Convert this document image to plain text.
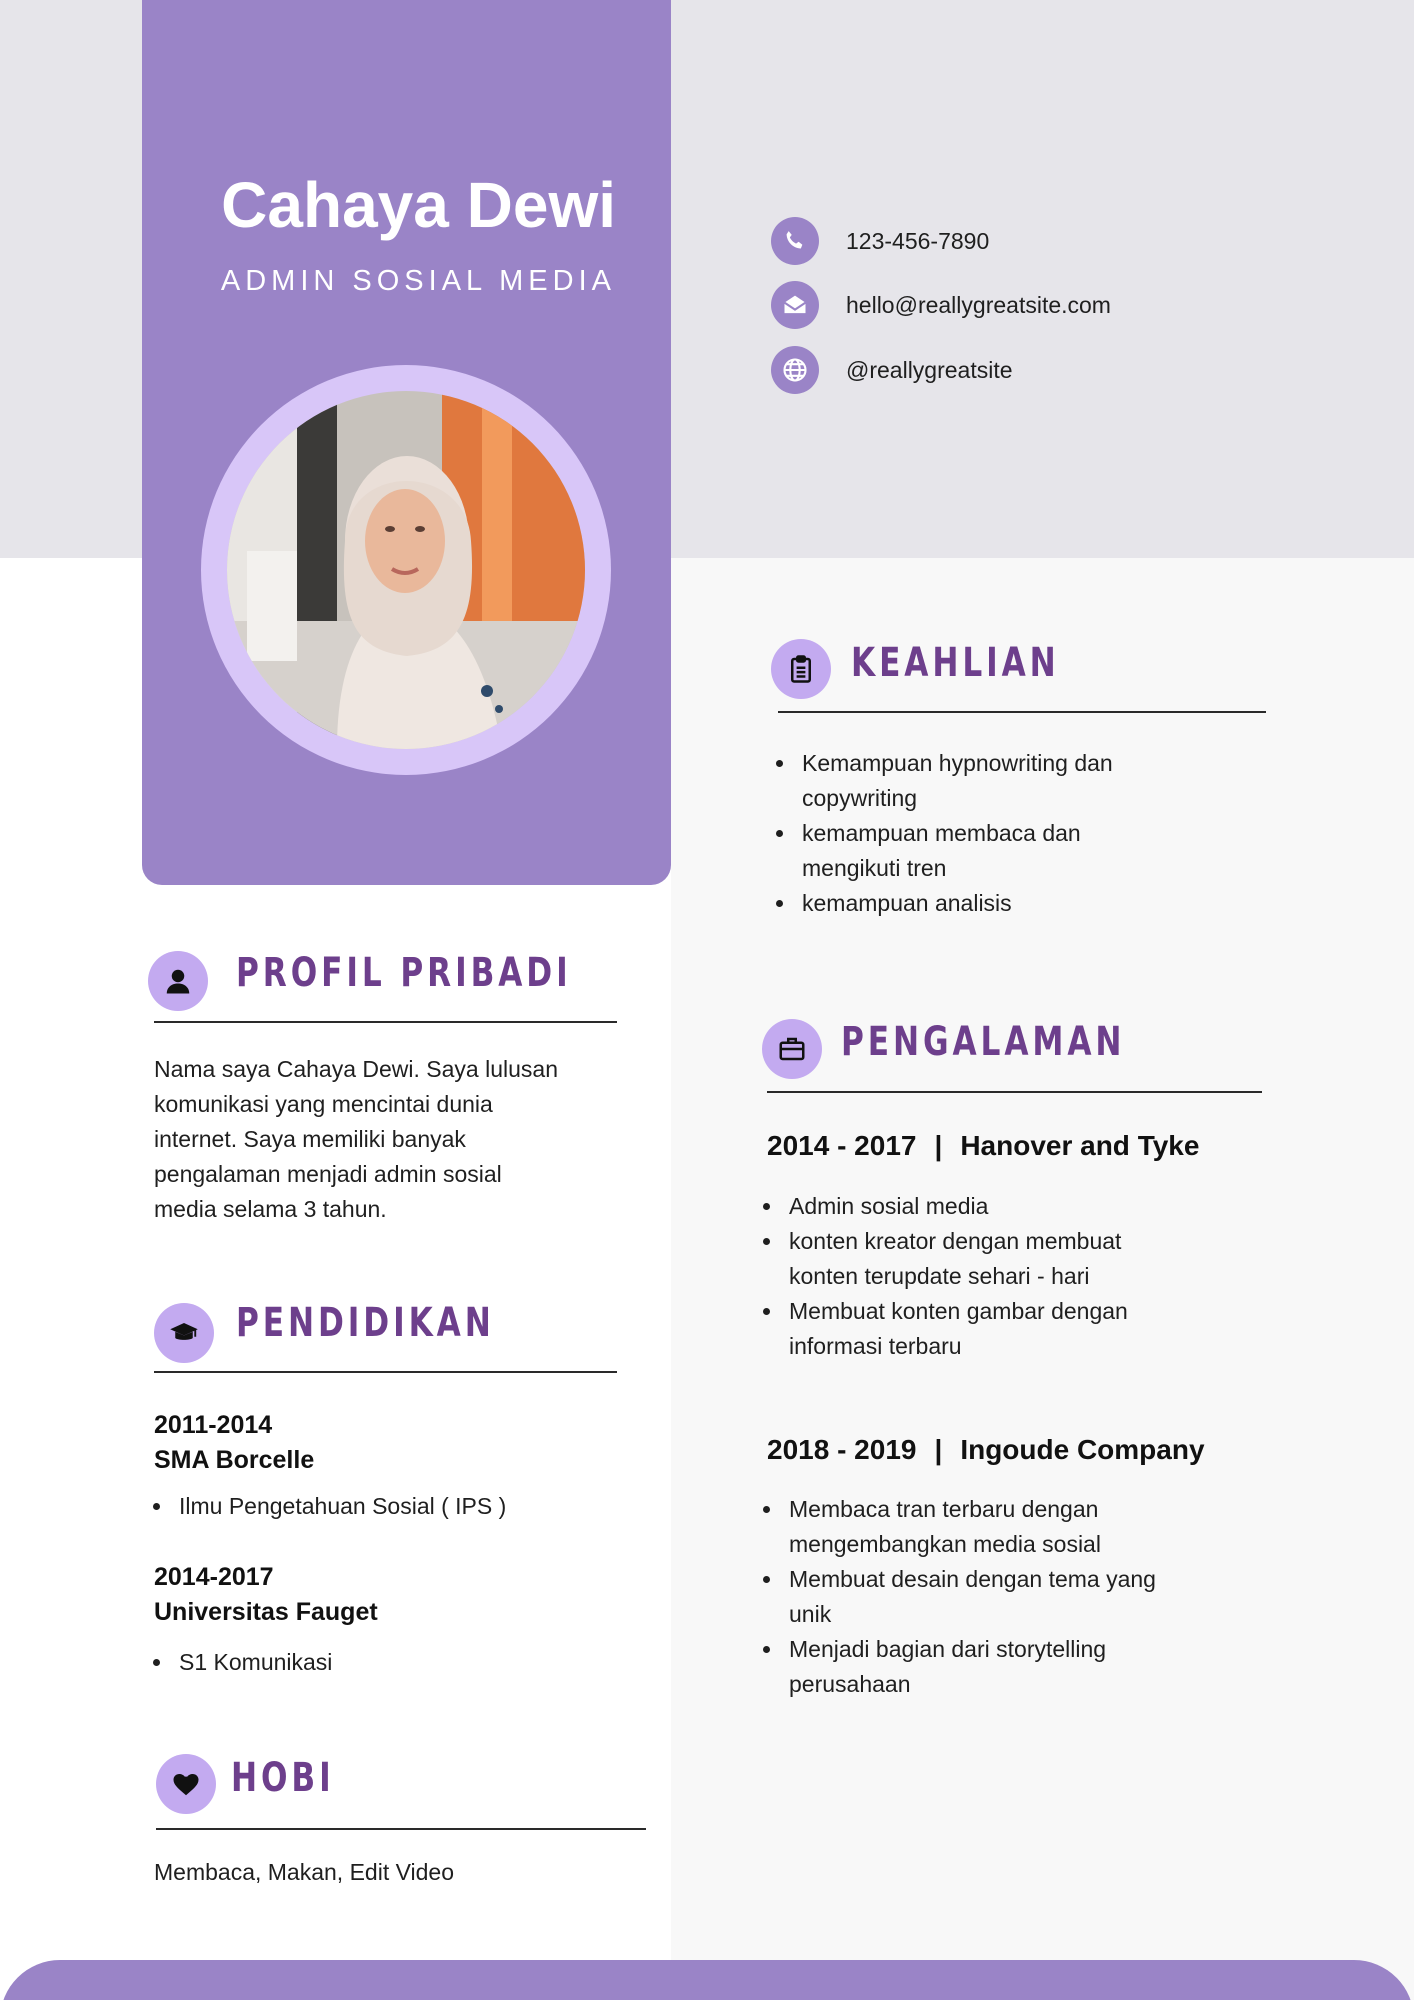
Cahaya Dewi
ADMIN SOSIAL MEDIA
123-456-7890
hello@reallygreatsite.com
@reallygreatsite
PROFIL PRIBADI
Nama saya Cahaya Dewi. Saya lulusan
komunikasi yang mencintai dunia
internet. Saya memiliki banyak
pengalaman menjadi admin sosial
media selama 3 tahun.
PENDIDIKAN
2011-2014
SMA Borcelle
Ilmu Pengetahuan Sosial ( IPS )
2014-2017
Universitas Fauget
S1 Komunikasi
HOBI
Membaca, Makan, Edit Video
KEAHLIAN
Kemampuan hypnowriting dan
copywriting
kemampuan membaca dan
mengikuti tren
kemampuan analisis
PENGALAMAN
2014 - 2017 | Hanover and Tyke
Admin sosial media
konten kreator dengan membuat
konten terupdate sehari - hari
Membuat konten gambar dengan
informasi terbaru
2018 - 2019 | Ingoude Company
Membaca tran terbaru dengan
mengembangkan media sosial
Membuat desain dengan tema yang
unik
Menjadi bagian dari storytelling
perusahaan
